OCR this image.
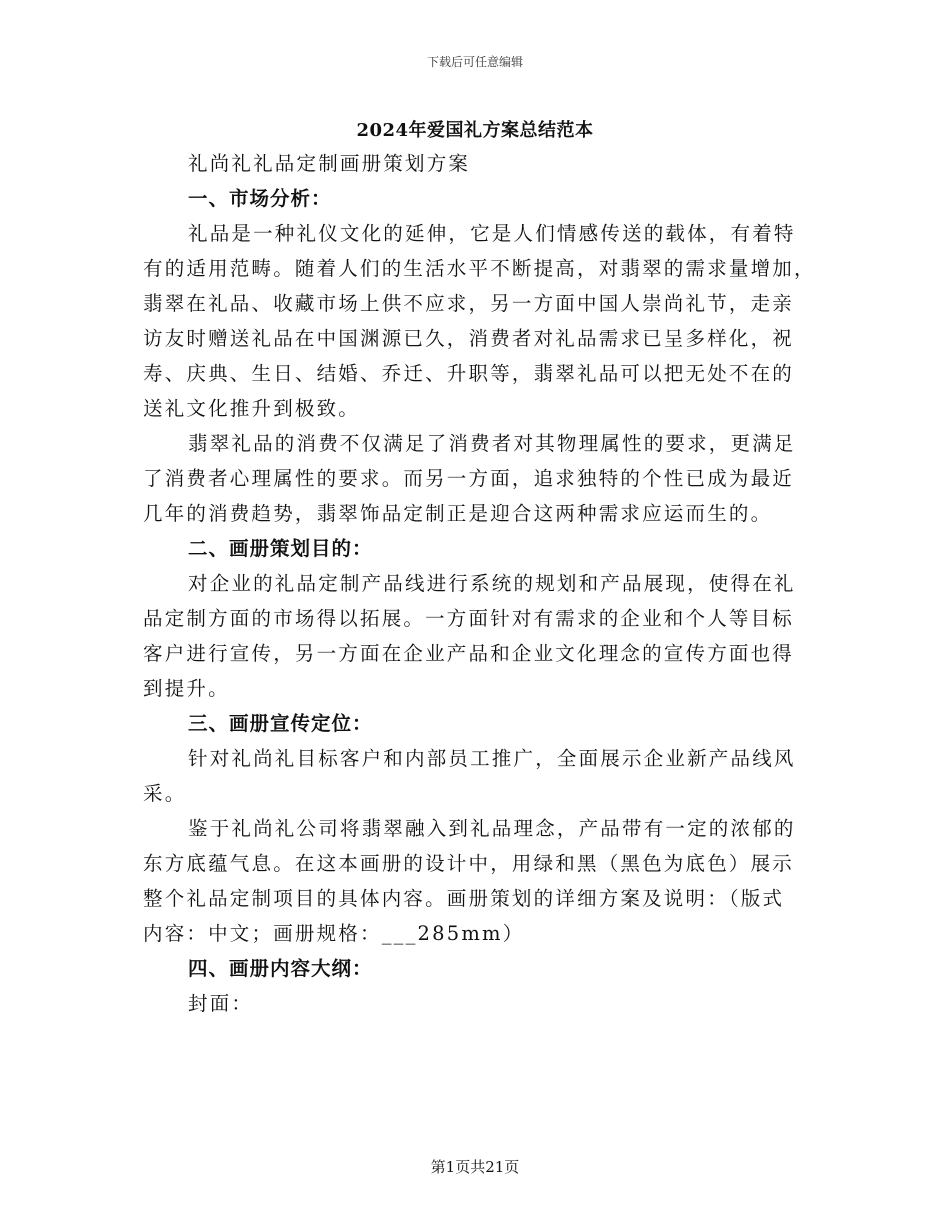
下载后可任意编辑
2024年爱国礼方案总结范本
礼尚礼礼品定制画册策划方案
一、市场分析：
礼品是一种礼仪文化的延伸，它是人们情感传送的载体，有着特
有的适用范畴。随着人们的生活水平不断提高，对翡翠的需求量增加，
翡翠在礼品、收藏市场上供不应求，另一方面中国人崇尚礼节，走亲
访友时赠送礼品在中国渊源已久，消费者对礼品需求已呈多样化，祝
寿、庆典、生日、结婚、乔迁、升职等，翡翠礼品可以把无处不在的
送礼文化推升到极致。
翡翠礼品的消费不仅满足了消费者对其物理属性的要求，更满足
了消费者心理属性的要求。而另一方面，追求独特的个性已成为最近
几年的消费趋势，翡翠饰品定制正是迎合这两种需求应运而生的。
二、画册策划目的：
对企业的礼品定制产品线进行系统的规划和产品展现，使得在礼
品定制方面的市场得以拓展。一方面针对有需求的企业和个人等目标
客户进行宣传，另一方面在企业产品和企业文化理念的宣传方面也得
到提升。
三、画册宣传定位：
针对礼尚礼目标客户和内部员工推广，全面展示企业新产品线风
采。
鉴于礼尚礼公司将翡翠融入到礼品理念，产品带有一定的浓郁的
东方底蕴气息。在这本画册的设计中，用绿和黑（黑色为底色）展示
整个礼品定制项目的具体内容。画册策划的详细方案及说明：（版式
内容：中文；画册规格：___285mm）
四、画册内容大纲：
封面：
第1页共21页
